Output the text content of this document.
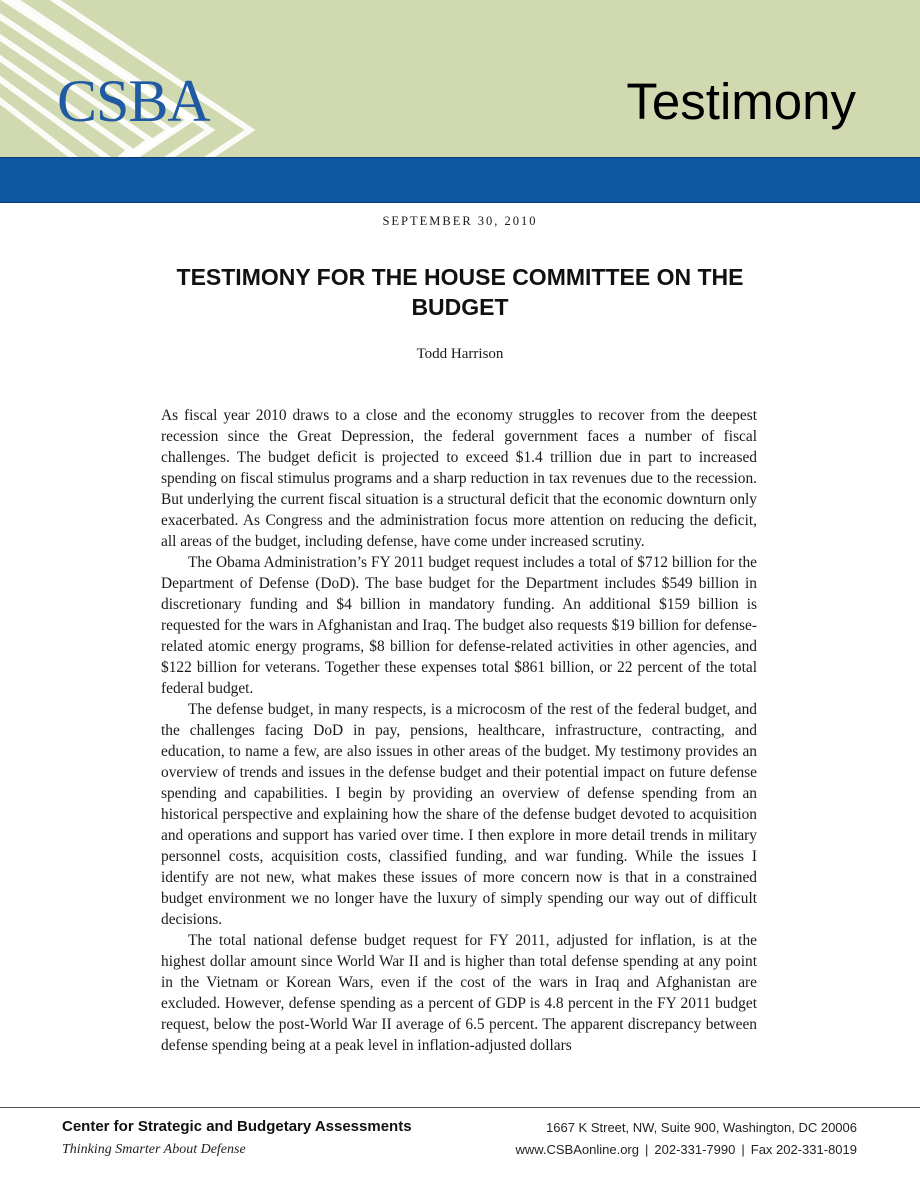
CSBA	Testimony
SEPTEMBER 30, 2010
TESTIMONY FOR THE HOUSE COMMITTEE ON THE BUDGET
Todd Harrison

As fiscal year 2010 draws to a close and the economy struggles to recover from the deepest recession since the Great Depression, the federal government faces a number of fiscal challenges. The budget deficit is projected to exceed $1.4 trillion due in part to increased spending on fiscal stimulus programs and a sharp reduction in tax revenues due to the recession. But underlying the current fiscal situation is a structural deficit that the economic downturn only exacerbated. As Congress and the administration focus more attention on reducing the deficit, all areas of the budget, including defense, have come under increased scrutiny.

The Obama Administration’s FY 2011 budget request includes a total of $712 billion for the Department of Defense (DoD). The base budget for the Department includes $549 billion in discretionary funding and $4 billion in mandatory funding. An additional $159 billion is requested for the wars in Afghanistan and Iraq. The budget also requests $19 billion for defense-related atomic energy programs, $8 billion for defense-related activities in other agencies, and $122 billion for veterans. Together these expenses total $861 billion, or 22 percent of the total federal budget.

The defense budget, in many respects, is a microcosm of the rest of the federal budget, and the challenges facing DoD in pay, pensions, healthcare, infrastructure, contracting, and education, to name a few, are also issues in other areas of the budget. My testimony provides an overview of trends and issues in the defense budget and their potential impact on future defense spending and capabilities. I begin by providing an overview of defense spending from an historical perspective and explaining how the share of the defense budget devoted to acquisition and operations and support has varied over time. I then explore in more detail trends in military personnel costs, acquisition costs, classified funding, and war funding. While the issues I identify are not new, what makes these issues of more concern now is that in a constrained budget environment we no longer have the luxury of simply spending our way out of difficult decisions.

The total national defense budget request for FY 2011, adjusted for inflation, is at the highest dollar amount since World War II and is higher than total defense spending at any point in the Vietnam or Korean Wars, even if the cost of the wars in Iraq and Afghanistan are excluded. However, defense spending as a percent of GDP is 4.8 percent in the FY 2011 budget request, below the post-World War II average of 6.5 percent. The apparent discrepancy between defense spending being at a peak level in inflation-adjusted dollars

Center for Strategic and Budgetary Assessments
Thinking Smarter About Defense
1667 K Street, NW, Suite 900, Washington, DC 20006
www.CSBAonline.org | 202-331-7990 | Fax 202-331-8019
